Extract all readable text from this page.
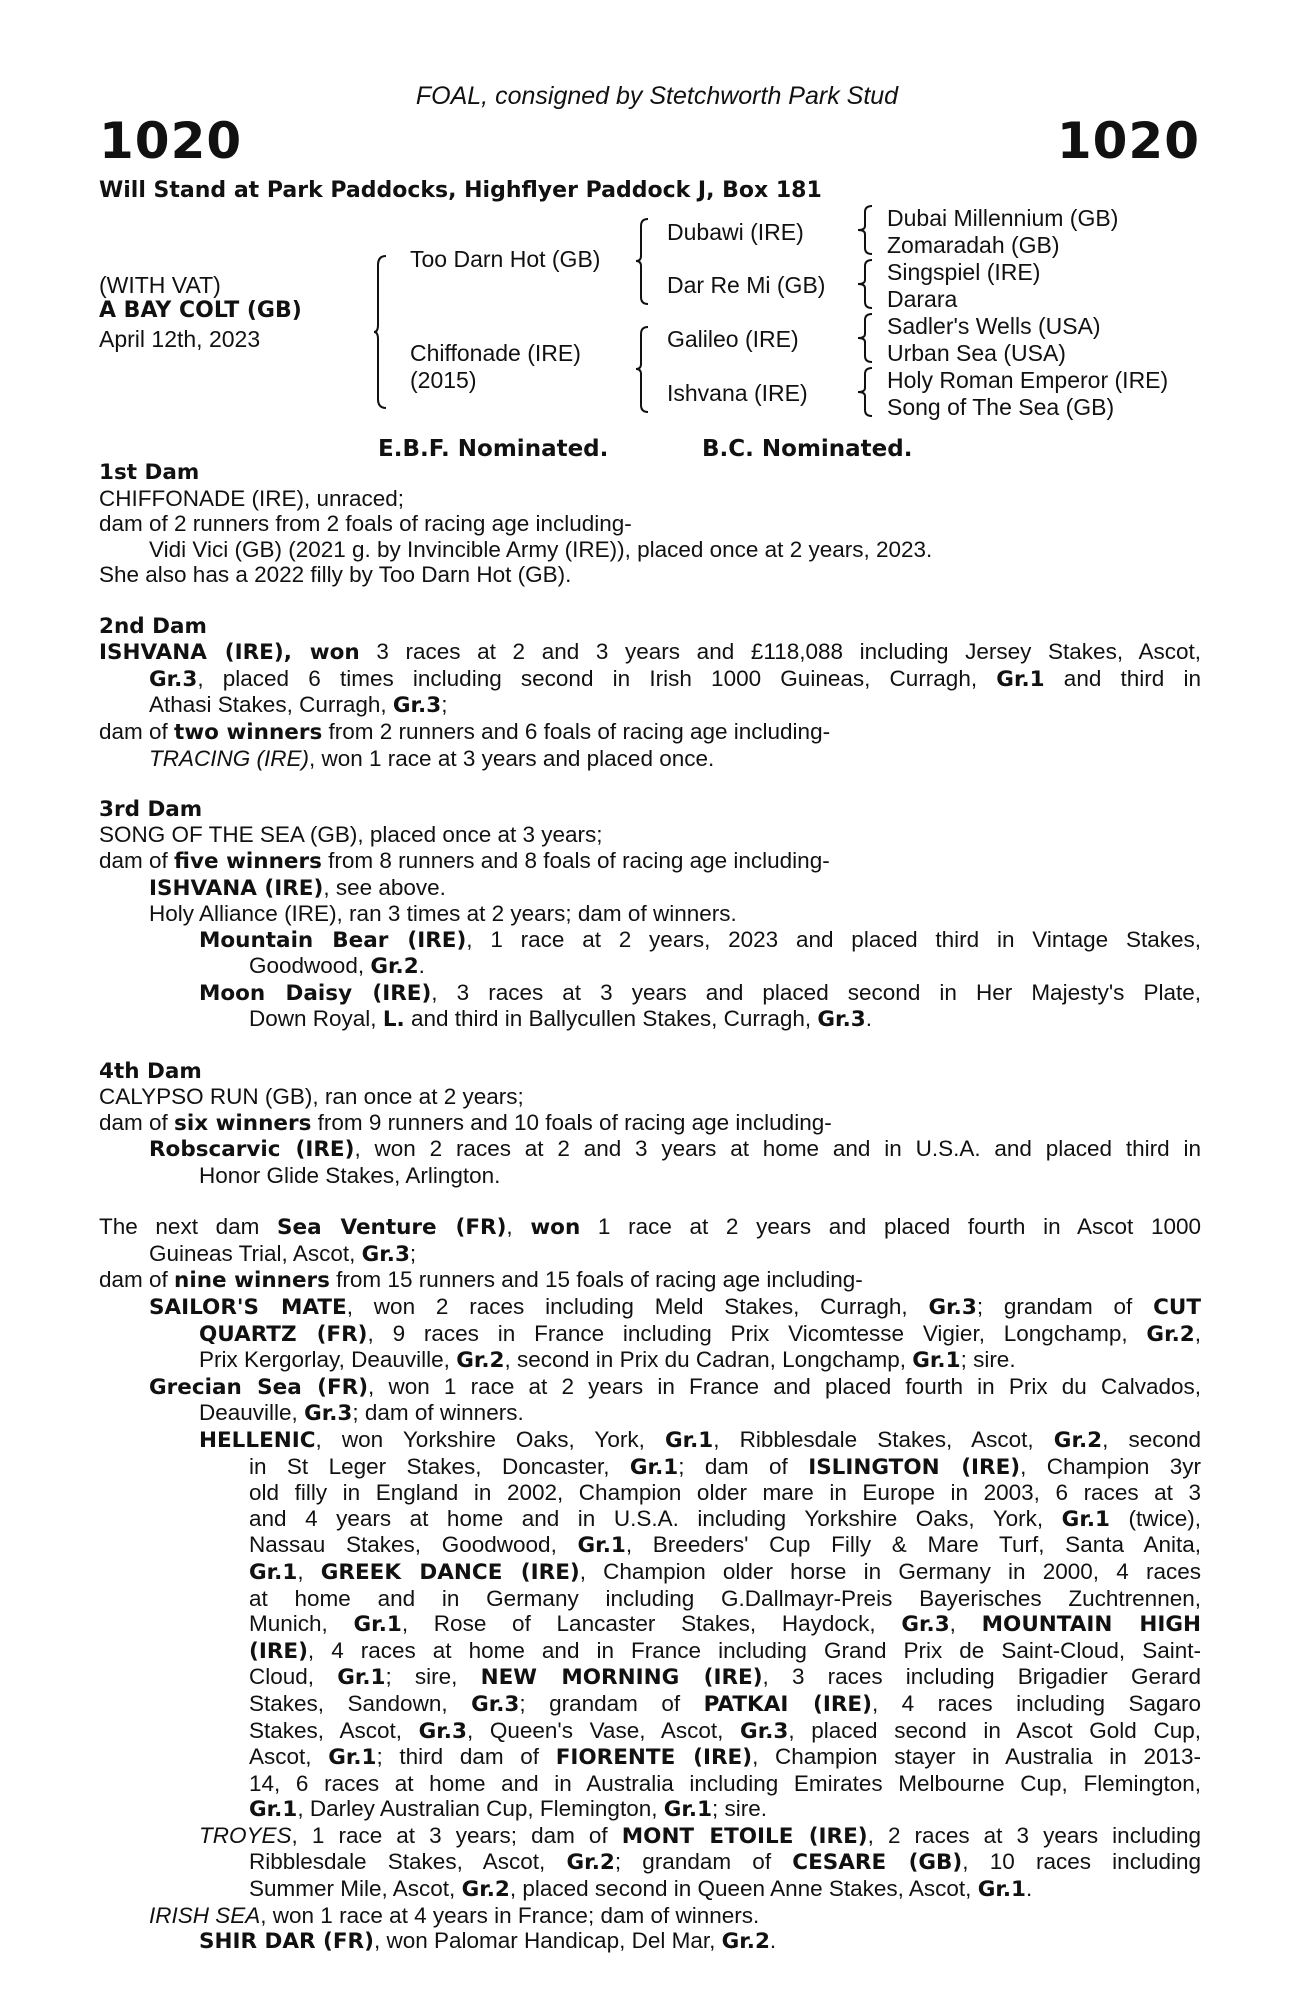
FOAL, consigned by Stetchworth Park Stud
1020	1020
Will Stand at Park Paddocks, Highflyer Paddock J, Box 181
(WITH VAT)
A BAY COLT (GB)
April 12th, 2023
Too Darn Hot (GB)
Chiffonade (IRE)
(2015)
Dubawi (IRE)
Dar Re Mi (GB)
Galileo (IRE)
Ishvana (IRE)
Dubai Millennium (GB)
Zomaradah (GB)
Singspiel (IRE)
Darara
Sadler's Wells (USA)
Urban Sea (USA)
Holy Roman Emperor (IRE)
Song of The Sea (GB)
E.B.F. Nominated.	B.C. Nominated.
1st Dam
CHIFFONADE (IRE), unraced;
dam of 2 runners from 2 foals of racing age including-
Vidi Vici (GB) (2021 g. by Invincible Army (IRE)), placed once at 2 years, 2023.
She also has a 2022 filly by Too Darn Hot (GB).
2nd Dam
ISHVANA (IRE), won 3 races at 2 and 3 years and £118,088 including Jersey Stakes, Ascot,
Gr.3, placed 6 times including second in Irish 1000 Guineas, Curragh, Gr.1 and third in
Athasi Stakes, Curragh, Gr.3;
dam of two winners from 2 runners and 6 foals of racing age including-
TRACING (IRE), won 1 race at 3 years and placed once.
3rd Dam
SONG OF THE SEA (GB), placed once at 3 years;
dam of five winners from 8 runners and 8 foals of racing age including-
ISHVANA (IRE), see above.
Holy Alliance (IRE), ran 3 times at 2 years; dam of winners.
Mountain Bear (IRE), 1 race at 2 years, 2023 and placed third in Vintage Stakes,
Goodwood, Gr.2.
Moon Daisy (IRE), 3 races at 3 years and placed second in Her Majesty's Plate,
Down Royal, L. and third in Ballycullen Stakes, Curragh, Gr.3.
4th Dam
CALYPSO RUN (GB), ran once at 2 years;
dam of six winners from 9 runners and 10 foals of racing age including-
Robscarvic (IRE), won 2 races at 2 and 3 years at home and in U.S.A. and placed third in
Honor Glide Stakes, Arlington.
The next dam Sea Venture (FR), won 1 race at 2 years and placed fourth in Ascot 1000
Guineas Trial, Ascot, Gr.3;
dam of nine winners from 15 runners and 15 foals of racing age including-
SAILOR'S MATE, won 2 races including Meld Stakes, Curragh, Gr.3; grandam of CUT
QUARTZ (FR), 9 races in France including Prix Vicomtesse Vigier, Longchamp, Gr.2,
Prix Kergorlay, Deauville, Gr.2, second in Prix du Cadran, Longchamp, Gr.1; sire.
Grecian Sea (FR), won 1 race at 2 years in France and placed fourth in Prix du Calvados,
Deauville, Gr.3; dam of winners.
HELLENIC, won Yorkshire Oaks, York, Gr.1, Ribblesdale Stakes, Ascot, Gr.2, second
in St Leger Stakes, Doncaster, Gr.1; dam of ISLINGTON (IRE), Champion 3yr
old filly in England in 2002, Champion older mare in Europe in 2003, 6 races at 3
and 4 years at home and in U.S.A. including Yorkshire Oaks, York, Gr.1 (twice),
Nassau Stakes, Goodwood, Gr.1, Breeders' Cup Filly & Mare Turf, Santa Anita,
Gr.1, GREEK DANCE (IRE), Champion older horse in Germany in 2000, 4 races
at home and in Germany including G.Dallmayr-Preis Bayerisches Zuchtrennen,
Munich, Gr.1, Rose of Lancaster Stakes, Haydock, Gr.3, MOUNTAIN HIGH
(IRE), 4 races at home and in France including Grand Prix de Saint-Cloud, Saint-
Cloud, Gr.1; sire, NEW MORNING (IRE), 3 races including Brigadier Gerard
Stakes, Sandown, Gr.3; grandam of PATKAI (IRE), 4 races including Sagaro
Stakes, Ascot, Gr.3, Queen's Vase, Ascot, Gr.3, placed second in Ascot Gold Cup,
Ascot, Gr.1; third dam of FIORENTE (IRE), Champion stayer in Australia in 2013-
14, 6 races at home and in Australia including Emirates Melbourne Cup, Flemington,
Gr.1, Darley Australian Cup, Flemington, Gr.1; sire.
TROYES, 1 race at 3 years; dam of MONT ETOILE (IRE), 2 races at 3 years including
Ribblesdale Stakes, Ascot, Gr.2; grandam of CESARE (GB), 10 races including
Summer Mile, Ascot, Gr.2, placed second in Queen Anne Stakes, Ascot, Gr.1.
IRISH SEA, won 1 race at 4 years in France; dam of winners.
SHIR DAR (FR), won Palomar Handicap, Del Mar, Gr.2.
